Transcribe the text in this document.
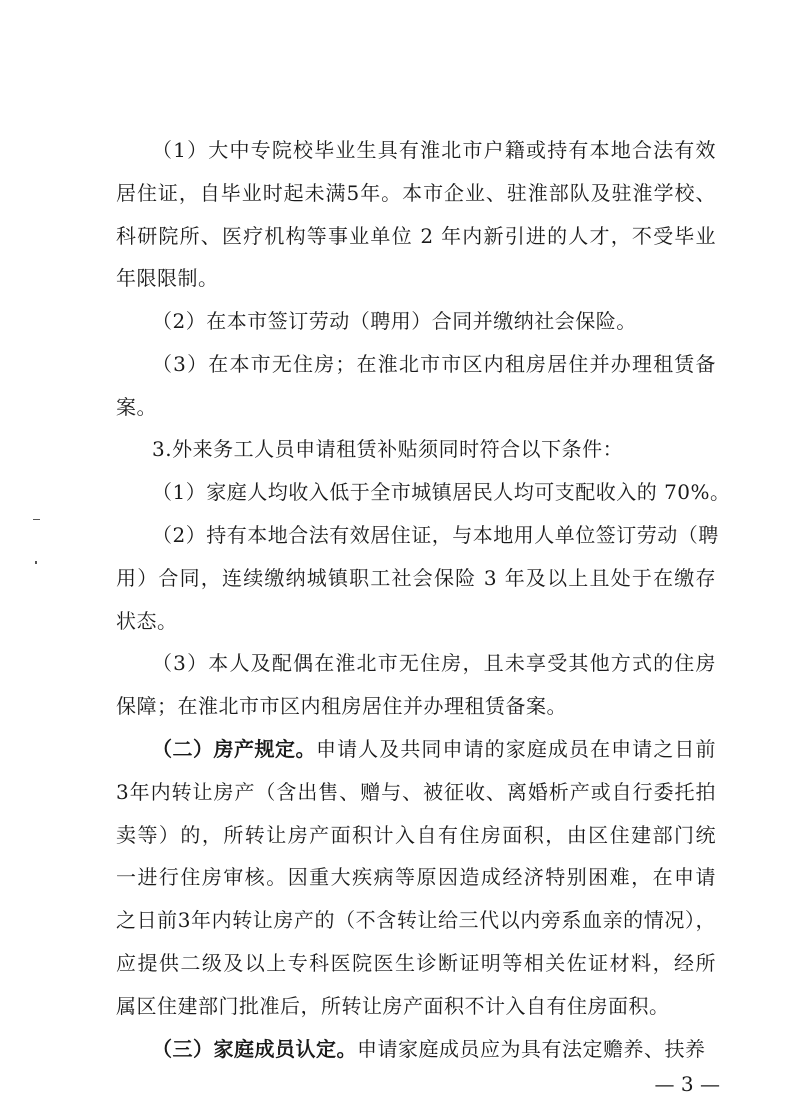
（1）大中专院校毕业生具有淮北市户籍或持有本地合法有效
居住证，自毕业时起未满5年。本市企业、驻淮部队及驻淮学校、
科研院所、医疗机构等事业单位 2 年内新引进的人才，不受毕业
年限限制。
（2）在本市签订劳动（聘用）合同并缴纳社会保险。
（3）在本市无住房；在淮北市市区内租房居住并办理租赁备
案。
3.外来务工人员申请租赁补贴须同时符合以下条件：
（1）家庭人均收入低于全市城镇居民人均可支配收入的 70%。
（2）持有本地合法有效居住证，与本地用人单位签订劳动（聘
用）合同，连续缴纳城镇职工社会保险 3 年及以上且处于在缴存
状态。
（3）本人及配偶在淮北市无住房，且未享受其他方式的住房
保障；在淮北市市区内租房居住并办理租赁备案。
（二）房产规定。 申请人及共同申请的家庭成员在申请之日前
3年内转让房产（含出售、赠与、被征收、离婚析产或自行委托拍
卖等）的，所转让房产面积计入自有住房面积，由区住建部门统
一进行住房审核。因重大疾病等原因造成经济特别困难，在申请
之日前3年内转让房产的（不含转让给三代以内旁系血亲的情况），
应提供二级及以上专科医院医生诊断证明等相关佐证材料，经所
属区住建部门批准后，所转让房产面积不计入自有住房面积。
（三）家庭成员认定。 申请家庭成员应为具有法定赡养、扶养
— 3 —
